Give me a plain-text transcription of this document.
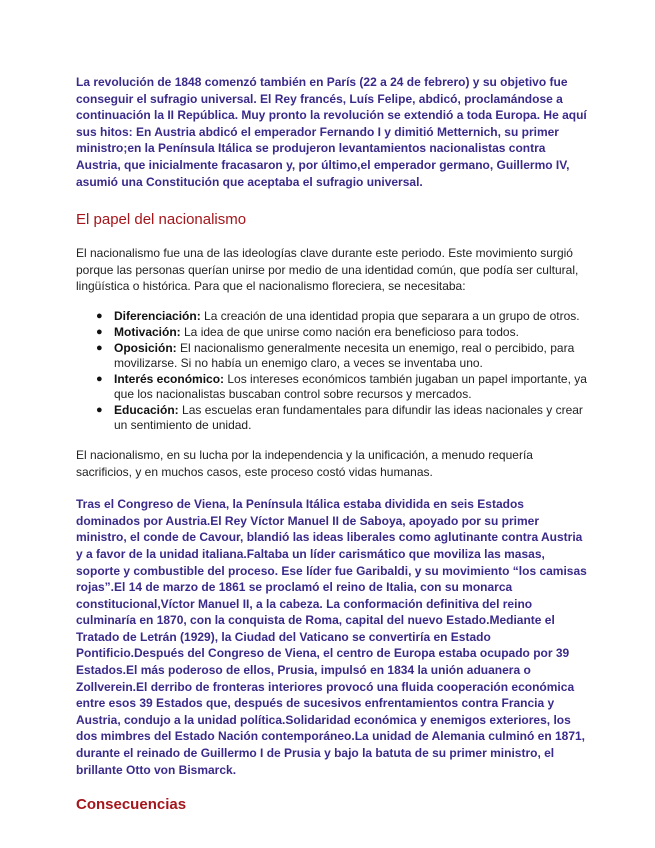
La revolución de 1848 comenzó también en París (22 a 24 de febrero) y su objetivo fue conseguir el sufragio universal. El Rey francés, Luís Felipe, abdicó, proclamándose a continuación la II República. Muy pronto la revolución se extendió a toda Europa. He aquí sus hitos: En Austria abdicó el emperador Fernando I y dimitió Metternich, su primer ministro;en la Península Itálica se produjeron levantamientos nacionalistas contra Austria, que inicialmente fracasaron y, por último,el emperador germano, Guillermo IV, asumió una Constitución que aceptaba el sufragio universal.

El papel del nacionalismo

El nacionalismo fue una de las ideologías clave durante este periodo. Este movimiento surgió porque las personas querían unirse por medio de una identidad común, que podía ser cultural, lingüística o histórica. Para que el nacionalismo floreciera, se necesitaba:

● Diferenciación: La creación de una identidad propia que separara a un grupo de otros.
● Motivación: La idea de que unirse como nación era beneficioso para todos.
● Oposición: El nacionalismo generalmente necesita un enemigo, real o percibido, para movilizarse. Si no había un enemigo claro, a veces se inventaba uno.
● Interés económico: Los intereses económicos también jugaban un papel importante, ya que los nacionalistas buscaban control sobre recursos y mercados.
● Educación: Las escuelas eran fundamentales para difundir las ideas nacionales y crear un sentimiento de unidad.

El nacionalismo, en su lucha por la independencia y la unificación, a menudo requería sacrificios, y en muchos casos, este proceso costó vidas humanas.

Tras el Congreso de Viena, la Península Itálica estaba dividida en seis Estados dominados por Austria.El Rey Víctor Manuel II de Saboya, apoyado por su primer ministro, el conde de Cavour, blandió las ideas liberales como aglutinante contra Austria y a favor de la unidad italiana.Faltaba un líder carismático que moviliza las masas, soporte y combustible del proceso. Ese líder fue Garibaldi, y su movimiento “los camisas rojas”.El 14 de marzo de 1861 se proclamó el reino de Italia, con su monarca constitucional,Víctor Manuel II, a la cabeza. La conformación definitiva del reino culminaría en 1870, con la conquista de Roma, capital del nuevo Estado.Mediante el Tratado de Letrán (1929), la Ciudad del Vaticano se convertiría en Estado Pontificio.Después del Congreso de Viena, el centro de Europa estaba ocupado por 39 Estados.El más poderoso de ellos, Prusia, impulsó en 1834 la unión aduanera o Zollverein.El derribo de fronteras interiores provocó una fluida cooperación económica entre esos 39 Estados que, después de sucesivos enfrentamientos contra Francia y Austria, condujo a la unidad política.Solidaridad económica y enemigos exteriores, los dos mimbres del Estado Nación contemporáneo.La unidad de Alemania culminó en 1871, durante el reinado de Guillermo I de Prusia y bajo la batuta de su primer ministro, el brillante Otto von Bismarck.

Consecuencias
